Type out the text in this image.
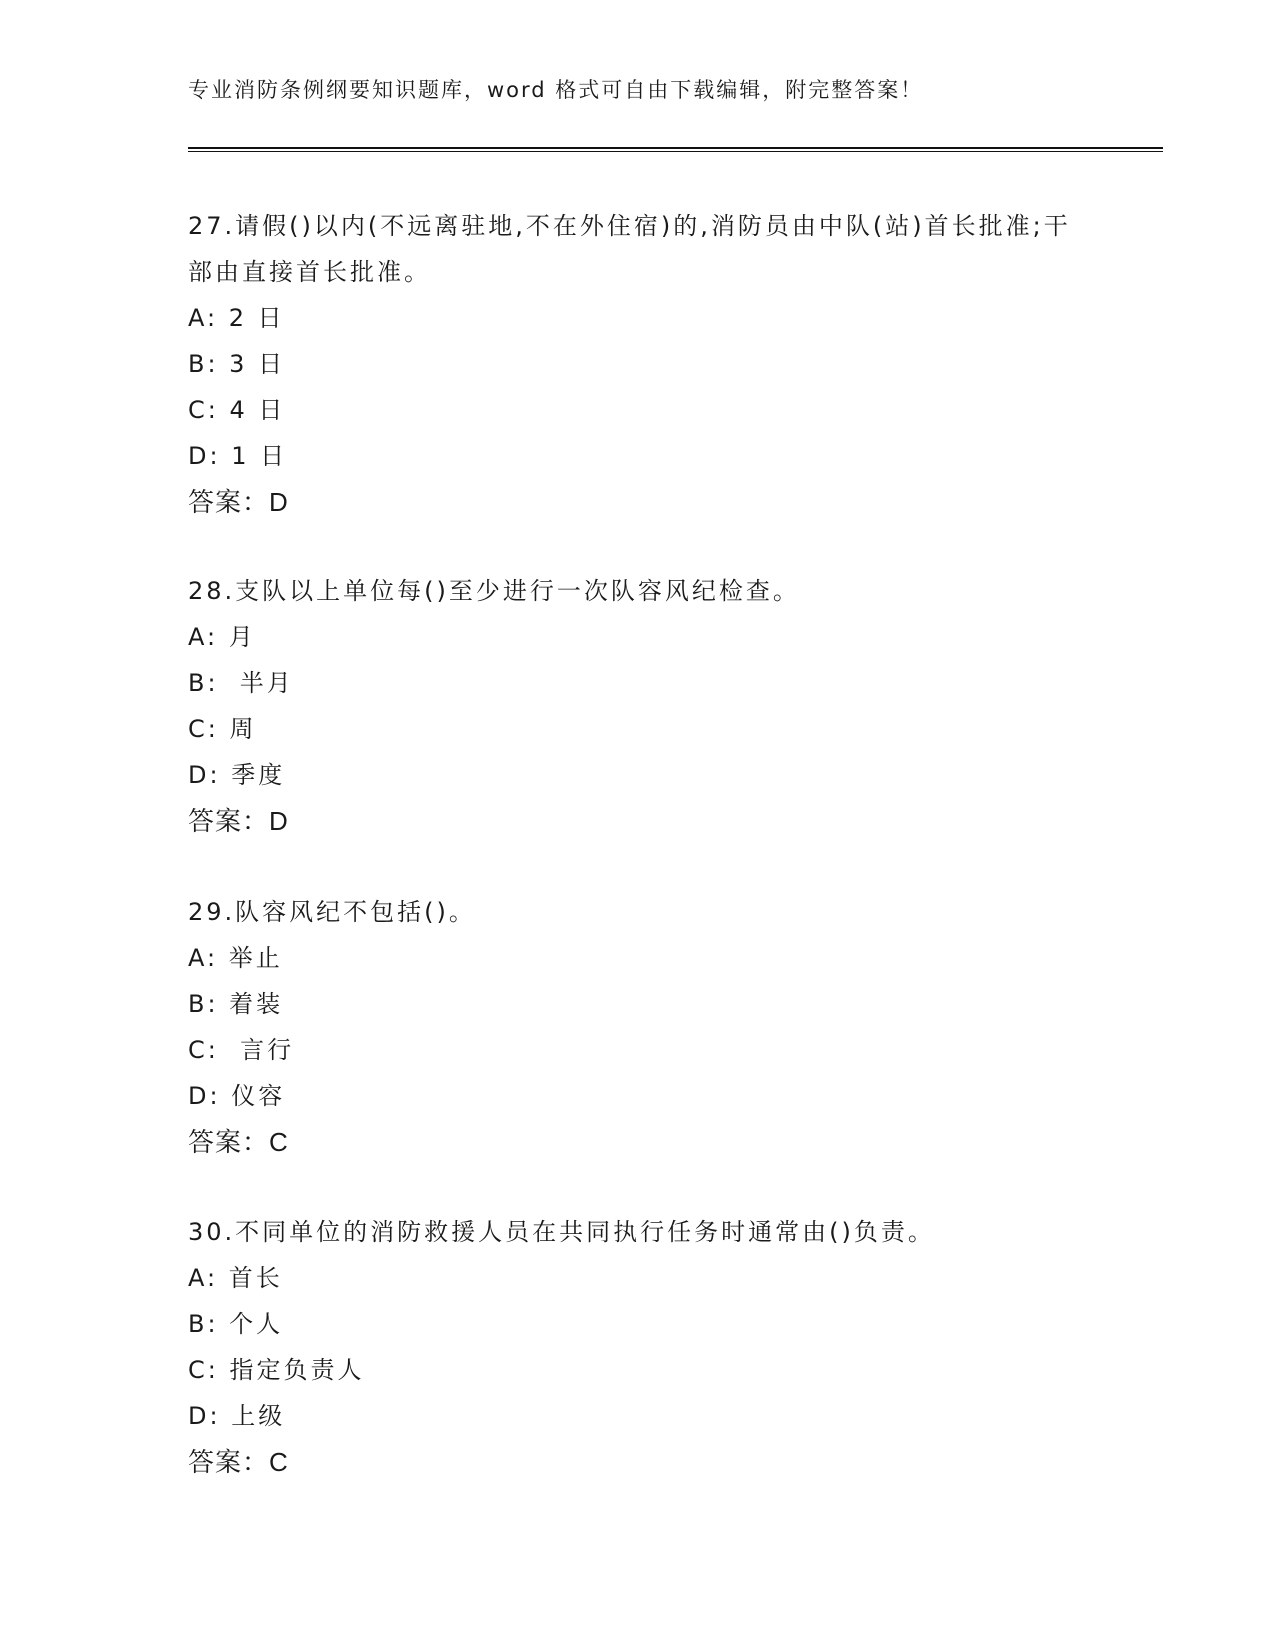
专业消防条例纲要知识题库，word 格式可自由下载编辑，附完整答案！

27.请假()以内(不远离驻地,不在外住宿)的,消防员由中队(站)首长批准;干部由直接首长批准。

A: 2 日

B: 3 日

C: 4 日

D: 1 日

答案：D

28.支队以上单位每()至少进行一次队容风纪检查。

A: 月

B:  半月

C: 周

D: 季度

答案：D

29.队容风纪不包括()。

A: 举止

B: 着装

C:  言行

D: 仪容

答案：C

30.不同单位的消防救援人员在共同执行任务时通常由()负责。

A: 首长

B: 个人

C: 指定负责人

D: 上级

答案：C
